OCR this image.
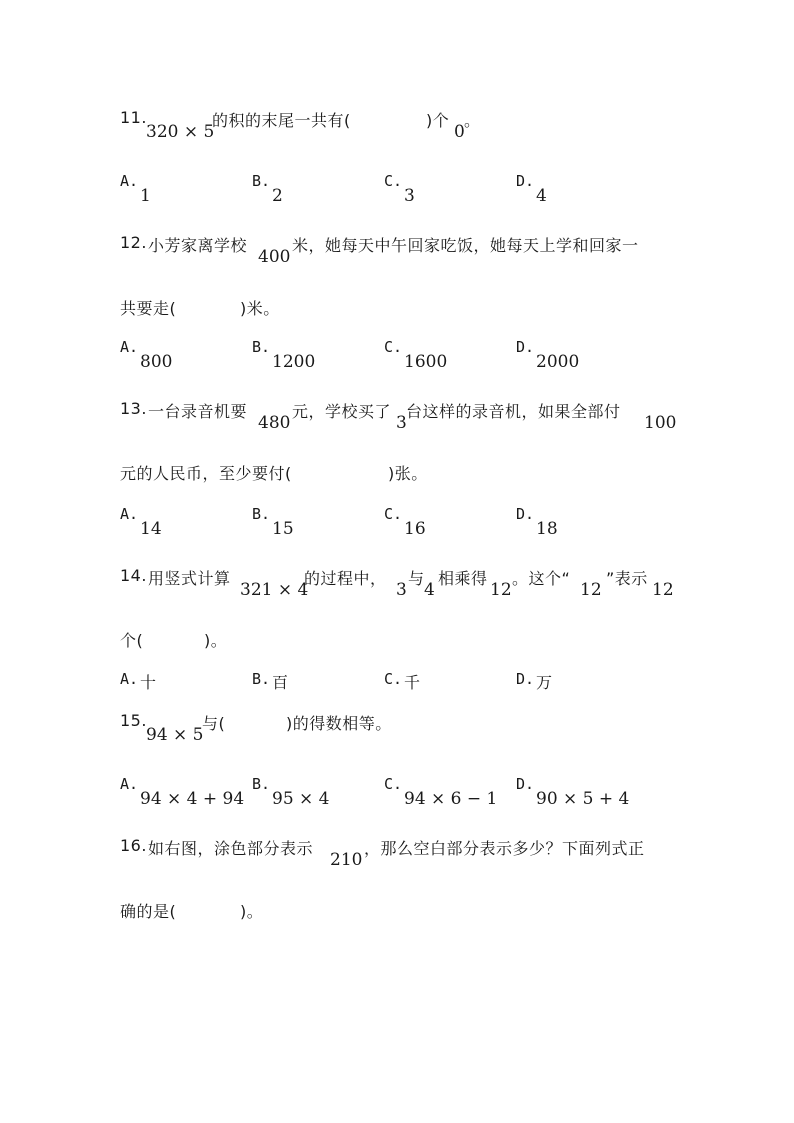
11.
320 × 5
的积的末尾一共有(	)个
0
。
A.
1
B.
2
C.
3
D.
4
12. 小芳家离学校
400
米，她每天中午回家吃饭，她每天上学和回家一
共要走(	)米。
A.
800
B.
1200
C.
1600
D.
2000
13. 一台录音机要
480
元，学校买了
3
台这样的录音机，如果全部付
100
元的人民币，至少要付(	)张。
A.
14
B.
15
C.
16
D.
18
14. 用竖式计算
321 × 4
的过程中，
3
与
4
相乘得
12
。这个“
12
”表示
12
个(	)。
A. 十	B. 百	C. 千	D. 万
15.
94 × 5
与(	)的得数相等。
A.
94 × 4 + 94
B.
95 × 4
C.
94 × 6 − 1
D.
90 × 5 + 4
16. 如右图，涂色部分表示
210
，那么空白部分表示多少？下面列式正
确的是(	)。
